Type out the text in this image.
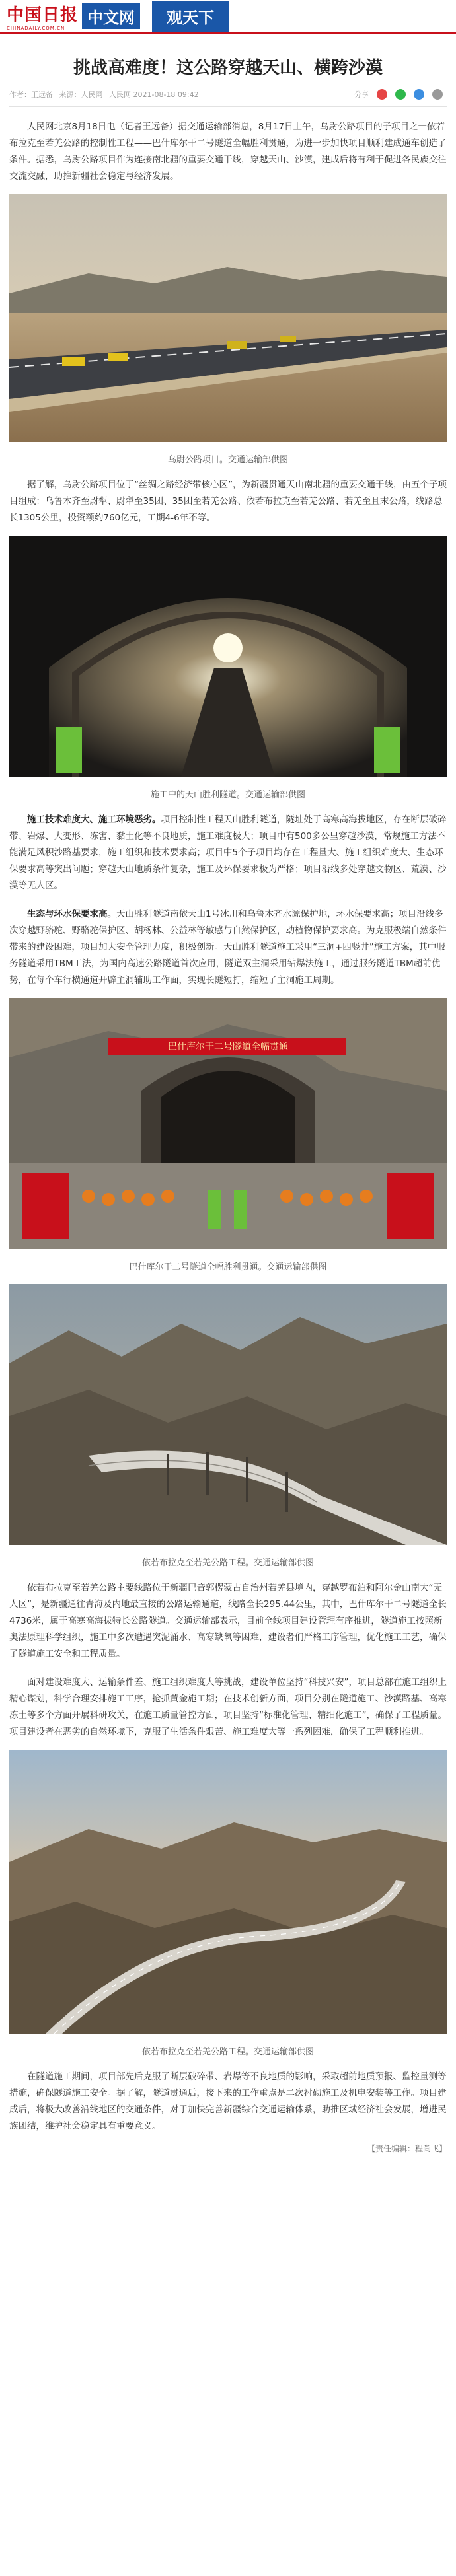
中国日报
CHINADAILY.COM.CN
中文网	观天下
挑战高难度！这公路穿越天山、横跨沙漠
作者：王远备 来源：人民网 人民网 2021-08-18 09:42	分享

人民网北京8月18日电（记者王远备）据交通运输部消息，8月17日上午，乌尉公路项目的子项目之一依若布拉克至若羌公路的控制性工程——巴什库尔干二号隧道全幅胜利贯通，为进一步加快项目顺利建成通车创造了条件。据悉，乌尉公路项目作为连接南北疆的重要交通干线，穿越天山、沙漠，建成后将有利于促进各民族交往交流交融，助推新疆社会稳定与经济发展。

乌尉公路项目。交通运输部供图

据了解，乌尉公路项目位于“丝绸之路经济带核心区”，为新疆贯通天山南北疆的重要交通干线，由五个子项目组成：乌鲁木齐至尉犁、尉犁至35团、35团至若羌公路、依若布拉克至若羌公路、若羌至且末公路，线路总长1305公里，投资额约760亿元，工期4-6年不等。

施工中的天山胜利隧道。交通运输部供图

施工技术难度大、施工环境恶劣。项目控制性工程天山胜利隧道，隧址处于高寒高海拔地区，存在断层破碎带、岩爆、大变形、冻害、黏土化等不良地质，施工难度极大；项目中有500多公里穿越沙漠，常规施工方法不能满足风积沙路基要求，施工组织和技术要求高；项目中5个子项目均存在工程量大、施工组织难度大、生态环保要求高等突出问题；穿越天山地质条件复杂，施工及环保要求极为严格；项目沿线多处穿越文物区、荒漠、沙漠等无人区。

生态与环水保要求高。天山胜利隧道南依天山1号冰川和乌鲁木齐水源保护地，环水保要求高；项目沿线多次穿越野骆驼、野骆驼保护区、胡杨林、公益林等敏感与自然保护区，动植物保护要求高。为克服极端自然条件带来的建设困难，项目加大安全管理力度，积极创新。天山胜利隧道施工采用“三洞+四竖井”施工方案，其中服务隧道采用TBM工法，为国内高速公路隧道首次应用，隧道双主洞采用钻爆法施工，通过服务隧道TBM超前优势，在每个车行横通道开辟主洞辅助工作面，实现长隧短打，缩短了主洞施工周期。

巴什库尔干二号隧道全幅贯通
巴什库尔干二号隧道全幅胜利贯通。交通运输部供图
依若布拉克至若羌公路工程。交通运输部供图

依若布拉克至若羌公路主要线路位于新疆巴音郭楞蒙古自治州若羌县境内，穿越罗布泊和阿尔金山南大“无人区”，是新疆通往青海及内地最直接的公路运输通道，线路全长295.44公里，其中，巴什库尔干二号隧道全长4736米，属于高寒高海拔特长公路隧道。交通运输部表示，目前全线项目建设管理有序推进，隧道施工按照新奥法原理科学组织，施工中多次遭遇突泥涌水、高寒缺氧等困难，建设者们严格工序管理，优化施工工艺，确保了隧道施工安全和工程质量。

面对建设难度大、运输条件差、施工组织难度大等挑战，建设单位坚持“科技兴安”，项目总部在施工组织上精心谋划，科学合理安排施工工序，抢抓黄金施工期；在技术创新方面，项目分别在隧道施工、沙漠路基、高寒冻土等多个方面开展科研攻关，在施工质量管控方面，项目坚持“标准化管理、精细化施工”，确保了工程质量。项目建设者在恶劣的自然环境下，克服了生活条件艰苦、施工难度大等一系列困难，确保了工程顺利推进。

依若布拉克至若羌公路工程。交通运输部供图

在隧道施工期间，项目部先后克服了断层破碎带、岩爆等不良地质的影响，采取超前地质预报、监控量测等措施，确保隧道施工安全。据了解，隧道贯通后，接下来的工作重点是二次衬砌施工及机电安装等工作。项目建成后，将极大改善沿线地区的交通条件，对于加快完善新疆综合交通运输体系，助推区域经济社会发展，增进民族团结，维护社会稳定具有重要意义。

【责任编辑：程尚飞】
